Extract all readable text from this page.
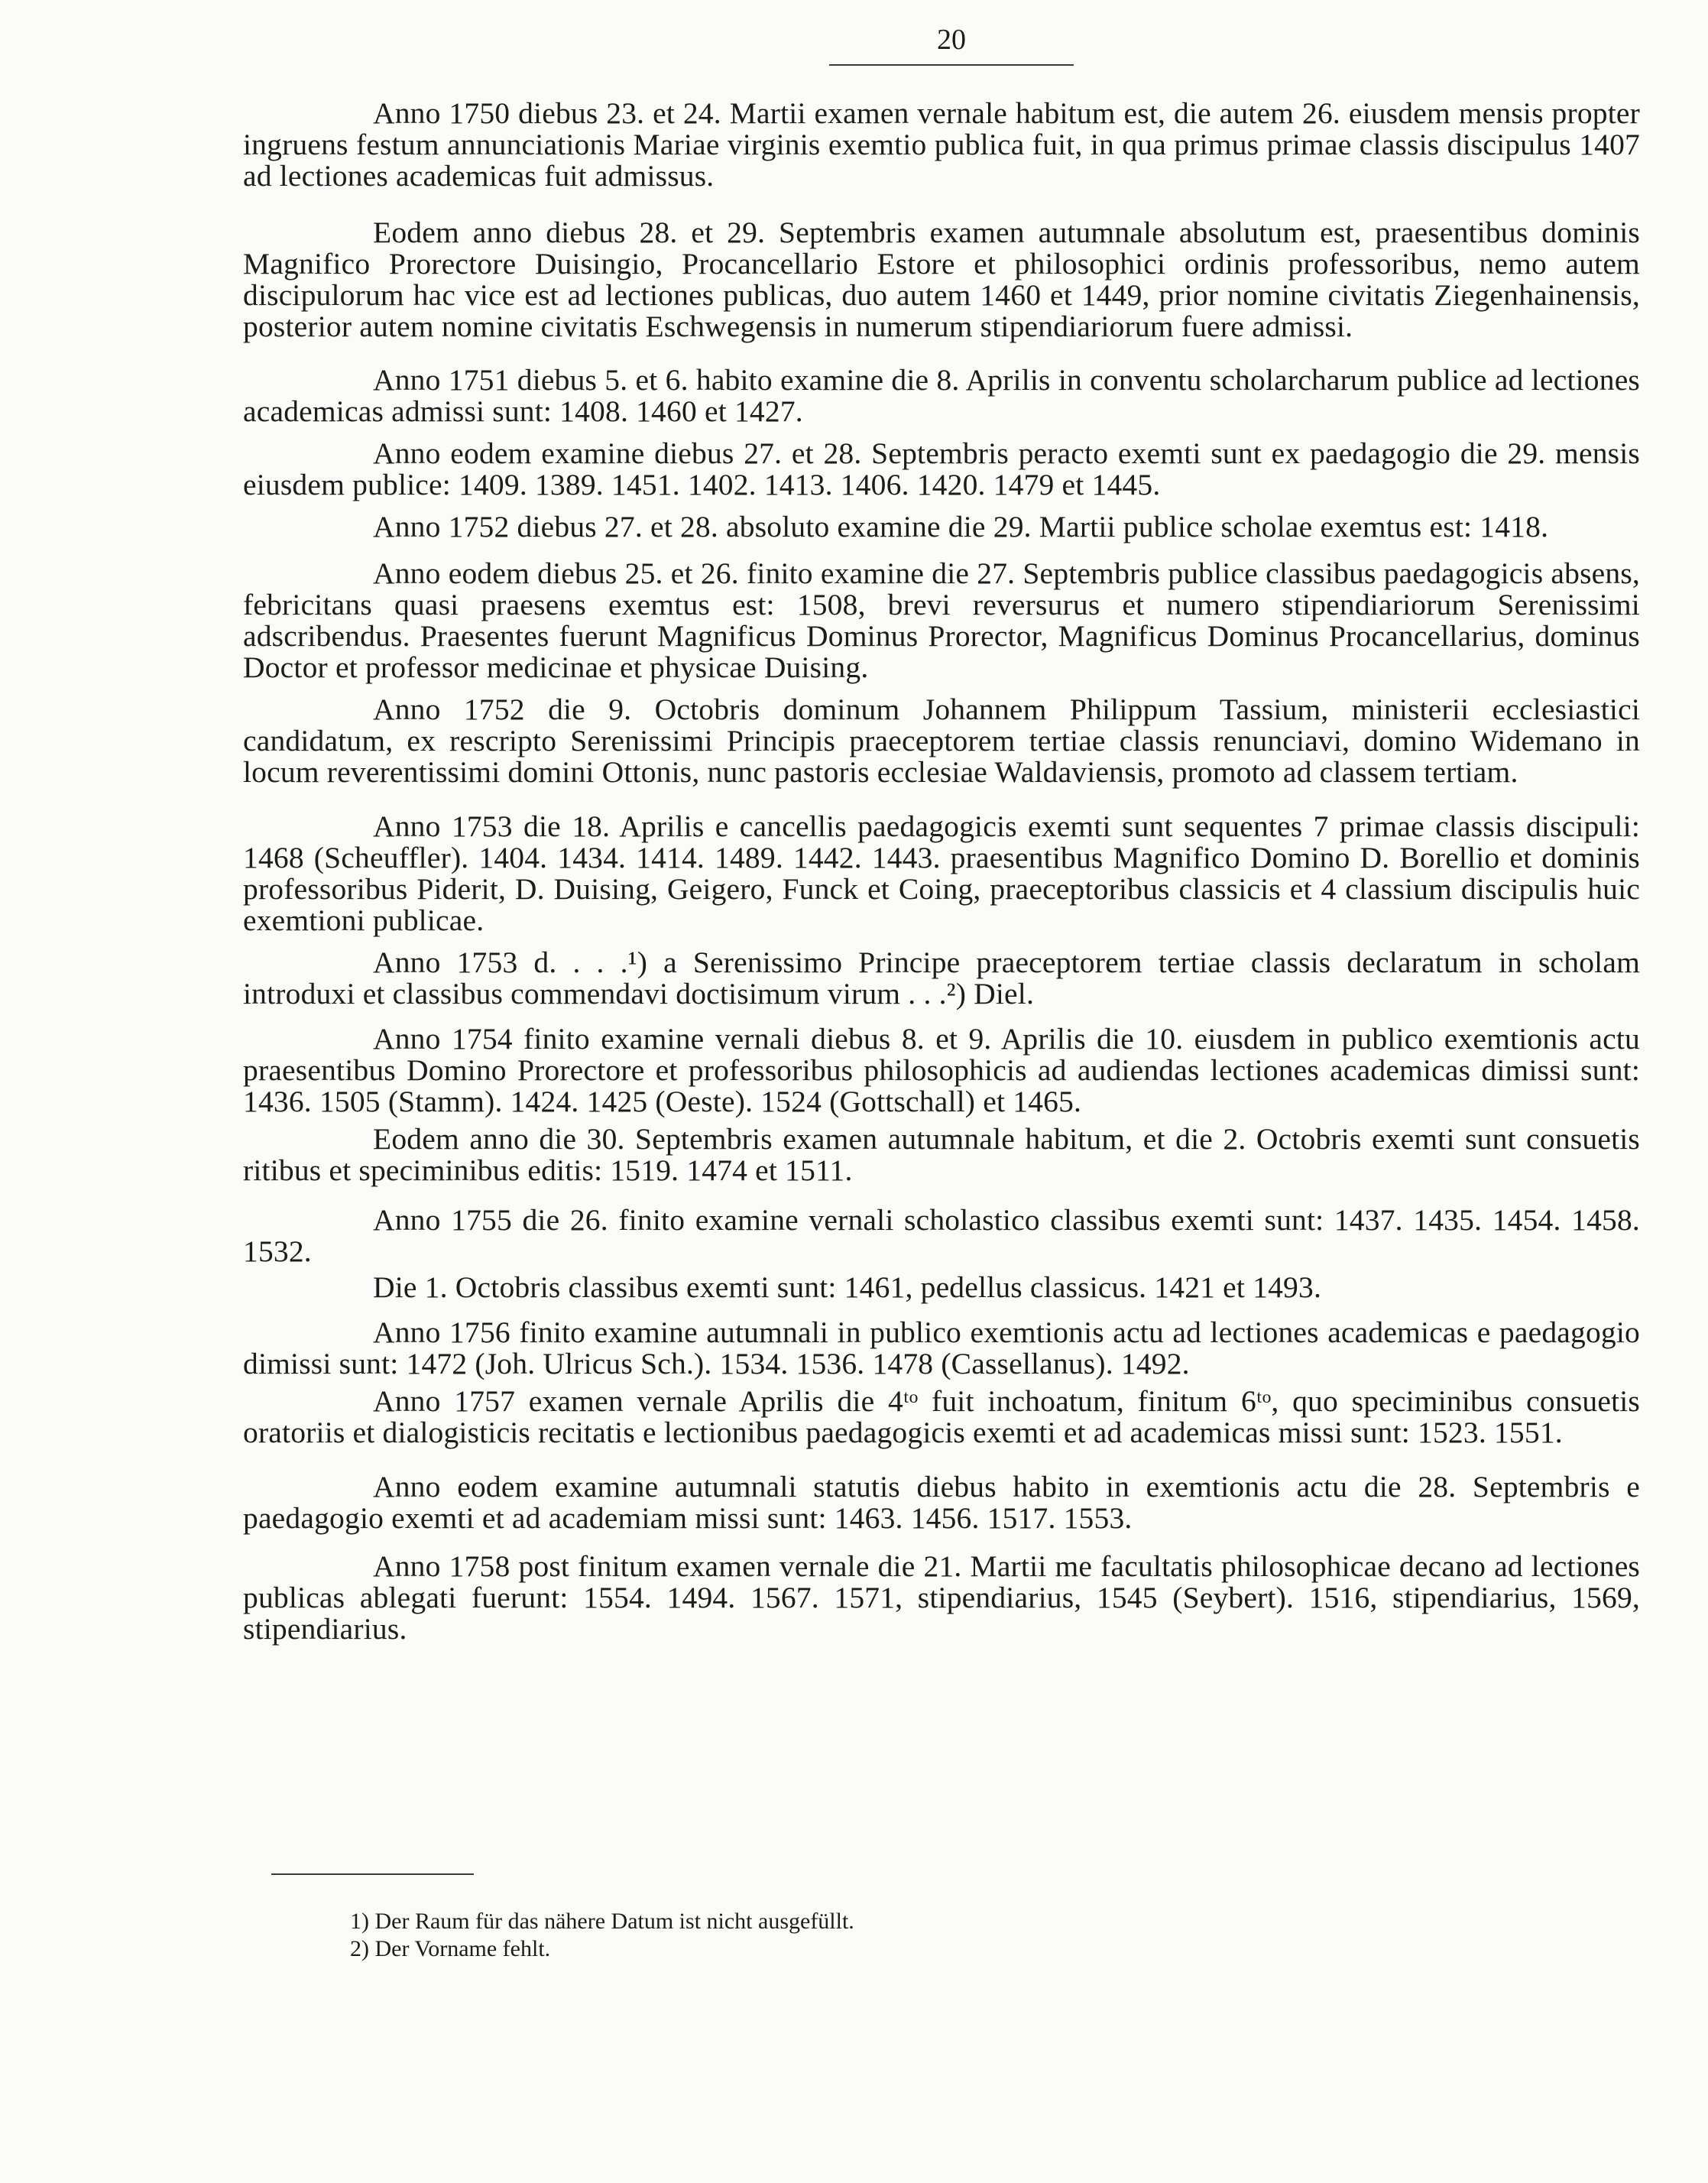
20

Anno 1750 diebus 23. et 24. Martii examen vernale habitum est, die autem 26. eiusdem mensis propter ingruens festum annunciationis Mariae virginis exemtio publica fuit, in qua primus primae classis discipulus 1407 ad lectiones academicas fuit admissus.

Eodem anno diebus 28. et 29. Septembris examen autumnale absolutum est, praesentibus dominis Magnifico Prorectore Duisingio, Procancellario Estore et philosophici ordinis professoribus, nemo autem discipulorum hac vice est ad lectiones publicas, duo autem 1460 et 1449, prior nomine civitatis Ziegenhainensis, posterior autem nomine civitatis Eschwegensis in numerum stipendiariorum fuere admissi.

Anno 1751 diebus 5. et 6. habito examine die 8. Aprilis in conventu scholarcharum publice ad lectiones academicas admissi sunt: 1408. 1460 et 1427.

Anno eodem examine diebus 27. et 28. Septembris peracto exemti sunt ex paedagogio die 29. mensis eiusdem publice: 1409. 1389. 1451. 1402. 1413. 1406. 1420. 1479 et 1445.

Anno 1752 diebus 27. et 28. absoluto examine die 29. Martii publice scholae exemtus est: 1418.

Anno eodem diebus 25. et 26. finito examine die 27. Septembris publice classibus paedagogicis absens, febricitans quasi praesens exemtus est: 1508, brevi reversurus et numero stipendiariorum Serenissimi adscribendus. Praesentes fuerunt Magnificus Dominus Prorector, Magnificus Dominus Procancellarius, dominus Doctor et professor medicinae et physicae Duising.

Anno 1752 die 9. Octobris dominum Johannem Philippum Tassium, ministerii ecclesiastici candidatum, ex rescripto Serenissimi Principis praeceptorem tertiae classis renunciavi, domino Widemano in locum reverentissimi domini Ottonis, nunc pastoris ecclesiae Waldaviensis, promoto ad classem tertiam.

Anno 1753 die 18. Aprilis e cancellis paedagogicis exemti sunt sequentes 7 primae classis discipuli: 1468 (Scheuffler). 1404. 1434. 1414. 1489. 1442. 1443. praesentibus Magnifico Domino D. Borellio et dominis professoribus Piderit, D. Duising, Geigero, Funck et Coing, praeceptoribus classicis et 4 classium discipulis huic exemtioni publicae.

Anno 1753 d. . . .¹) a Serenissimo Principe praeceptorem tertiae classis declaratum in scholam introduxi et classibus commendavi doctisimum virum . . .²) Diel.

Anno 1754 finito examine vernali diebus 8. et 9. Aprilis die 10. eiusdem in publico exemtionis actu praesentibus Domino Prorectore et professoribus philosophicis ad audiendas lectiones academicas dimissi sunt: 1436. 1505 (Stamm). 1424. 1425 (Oeste). 1524 (Gottschall) et 1465.

Eodem anno die 30. Septembris examen autumnale habitum, et die 2. Octobris exemti sunt consuetis ritibus et speciminibus editis: 1519. 1474 et 1511.

Anno 1755 die 26. finito examine vernali scholastico classibus exemti sunt: 1437. 1435. 1454. 1458. 1532.

Die 1. Octobris classibus exemti sunt: 1461, pedellus classicus. 1421 et 1493.

Anno 1756 finito examine autumnali in publico exemtionis actu ad lectiones academicas e paedagogio dimissi sunt: 1472 (Joh. Ulricus Sch.). 1534. 1536. 1478 (Cassellanus). 1492.

Anno 1757 examen vernale Aprilis die 4ᵗᵒ fuit inchoatum, finitum 6ᵗᵒ, quo speciminibus consuetis oratoriis et dialogisticis recitatis e lectionibus paedagogicis exemti et ad academicas missi sunt: 1523. 1551.

Anno eodem examine autumnali statutis diebus habito in exemtionis actu die 28. Septembris e paedagogio exemti et ad academiam missi sunt: 1463. 1456. 1517. 1553.

Anno 1758 post finitum examen vernale die 21. Martii me facultatis philosophicae decano ad lectiones publicas ablegati fuerunt: 1554. 1494. 1567. 1571, stipendiarius, 1545 (Seybert). 1516, stipendiarius, 1569, stipendiarius.

1) Der Raum für das nähere Datum ist nicht ausgefüllt.

2) Der Vorname fehlt.
